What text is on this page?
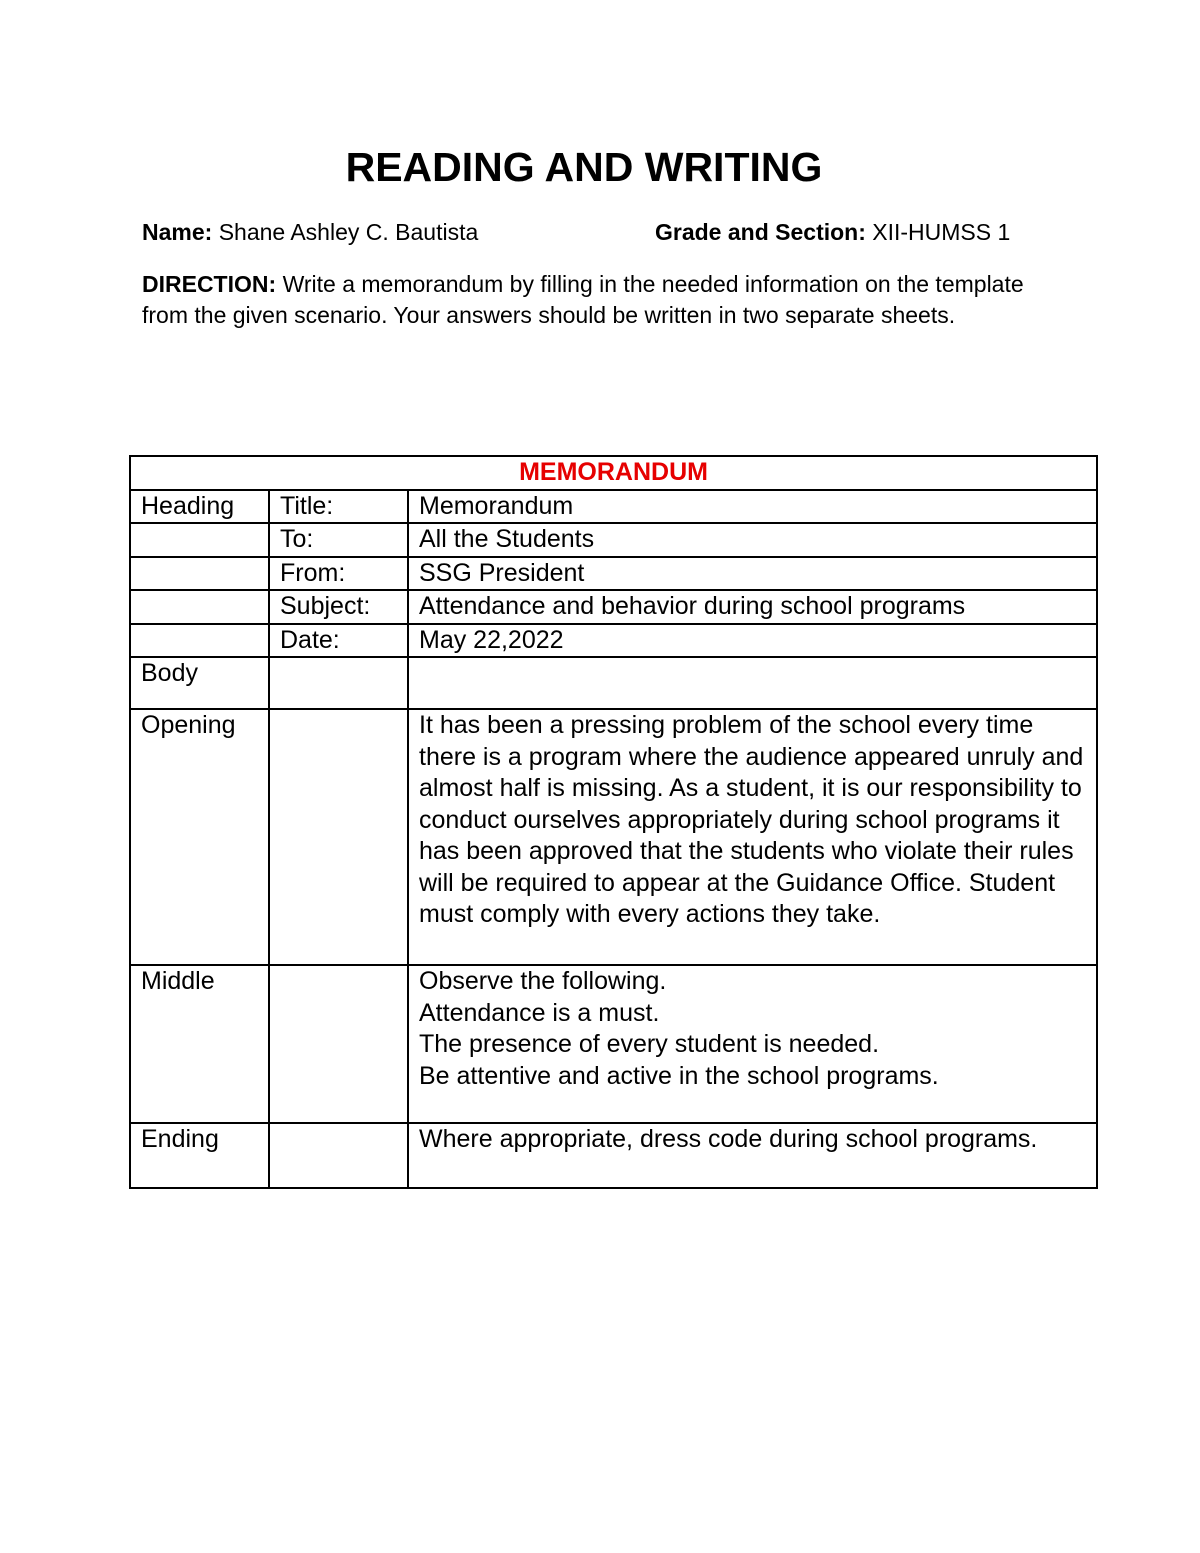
READING AND WRITING
Name: Shane Ashley C. Bautista	Grade and Section: XII-HUMSS 1
DIRECTION: Write a memorandum by filling in the needed information on the template from the given scenario. Your answers should be written in two separate sheets.
MEMORANDUM		
Heading	Title:	Memorandum
	To:	All the Students
	From:	SSG President
	Subject:	Attendance and behavior during school programs
	Date:	May 22,2022
Body		
Opening		It has been a pressing problem of the school every time there is a program where the audience appeared unruly and almost half is missing. As a student, it is our responsibility to conduct ourselves appropriately during school programs it has been approved that the students who violate their rules will be required to appear at the Guidance Office. Student must comply with every actions they take.
Middle		Observe the following.
Attendance is a must.
The presence of every student is needed.
Be attentive and active in the school programs.

Ending		Where appropriate, dress code during school programs.
